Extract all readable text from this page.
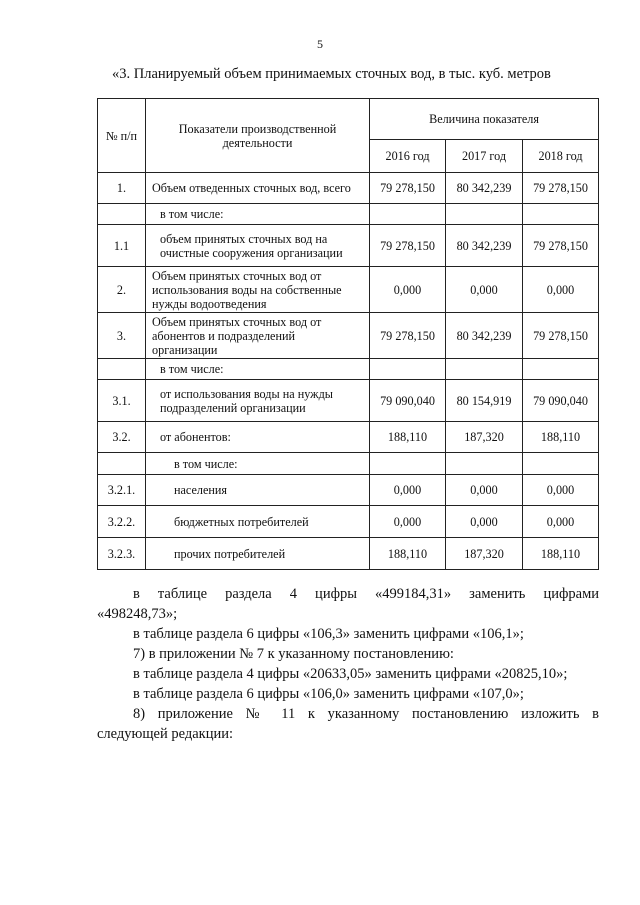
5
«3. Планируемый объем принимаемых сточных вод, в тыс. куб. метров
№ п/п	Показатели производственной деятельности	Величина показателя		
		2016 год	2017 год	2018 год
1.	Объем отведенных сточных вод, всего	79 278,150	80 342,239	79 278,150
	в том числе:			
1.1	объем принятых сточных вод на очистные сооружения организации	79 278,150	80 342,239	79 278,150
2.	Объем принятых сточных вод от использования воды на собственные нужды водоотведения	0,000	0,000	0,000
3.	Объем принятых сточных вод от абонентов и подразделений организации	79 278,150	80 342,239	79 278,150
	в том числе:			
3.1.	от использования воды на нужды подразделений организации	79 090,040	80 154,919	79 090,040
3.2.	от абонентов:	188,110	187,320	188,110
	в том числе:			
3.2.1.	населения	0,000	0,000	0,000
3.2.2.	бюджетных потребителей	0,000	0,000	0,000
3.2.3.	прочих потребителей	188,110	187,320	188,110

в таблице раздела 4 цифры «499184,31» заменить цифрами

«498248,73»;

в таблице раздела 6 цифры «106,3» заменить цифрами «106,1»;

7) в приложении № 7 к указанному постановлению:

в таблице раздела 4 цифры «20633,05» заменить цифрами «20825,10»;

в таблице раздела 6 цифры «106,0» заменить цифрами «107,0»;

8) приложение № 11 к указанному постановлению изложить в

следующей редакции:
